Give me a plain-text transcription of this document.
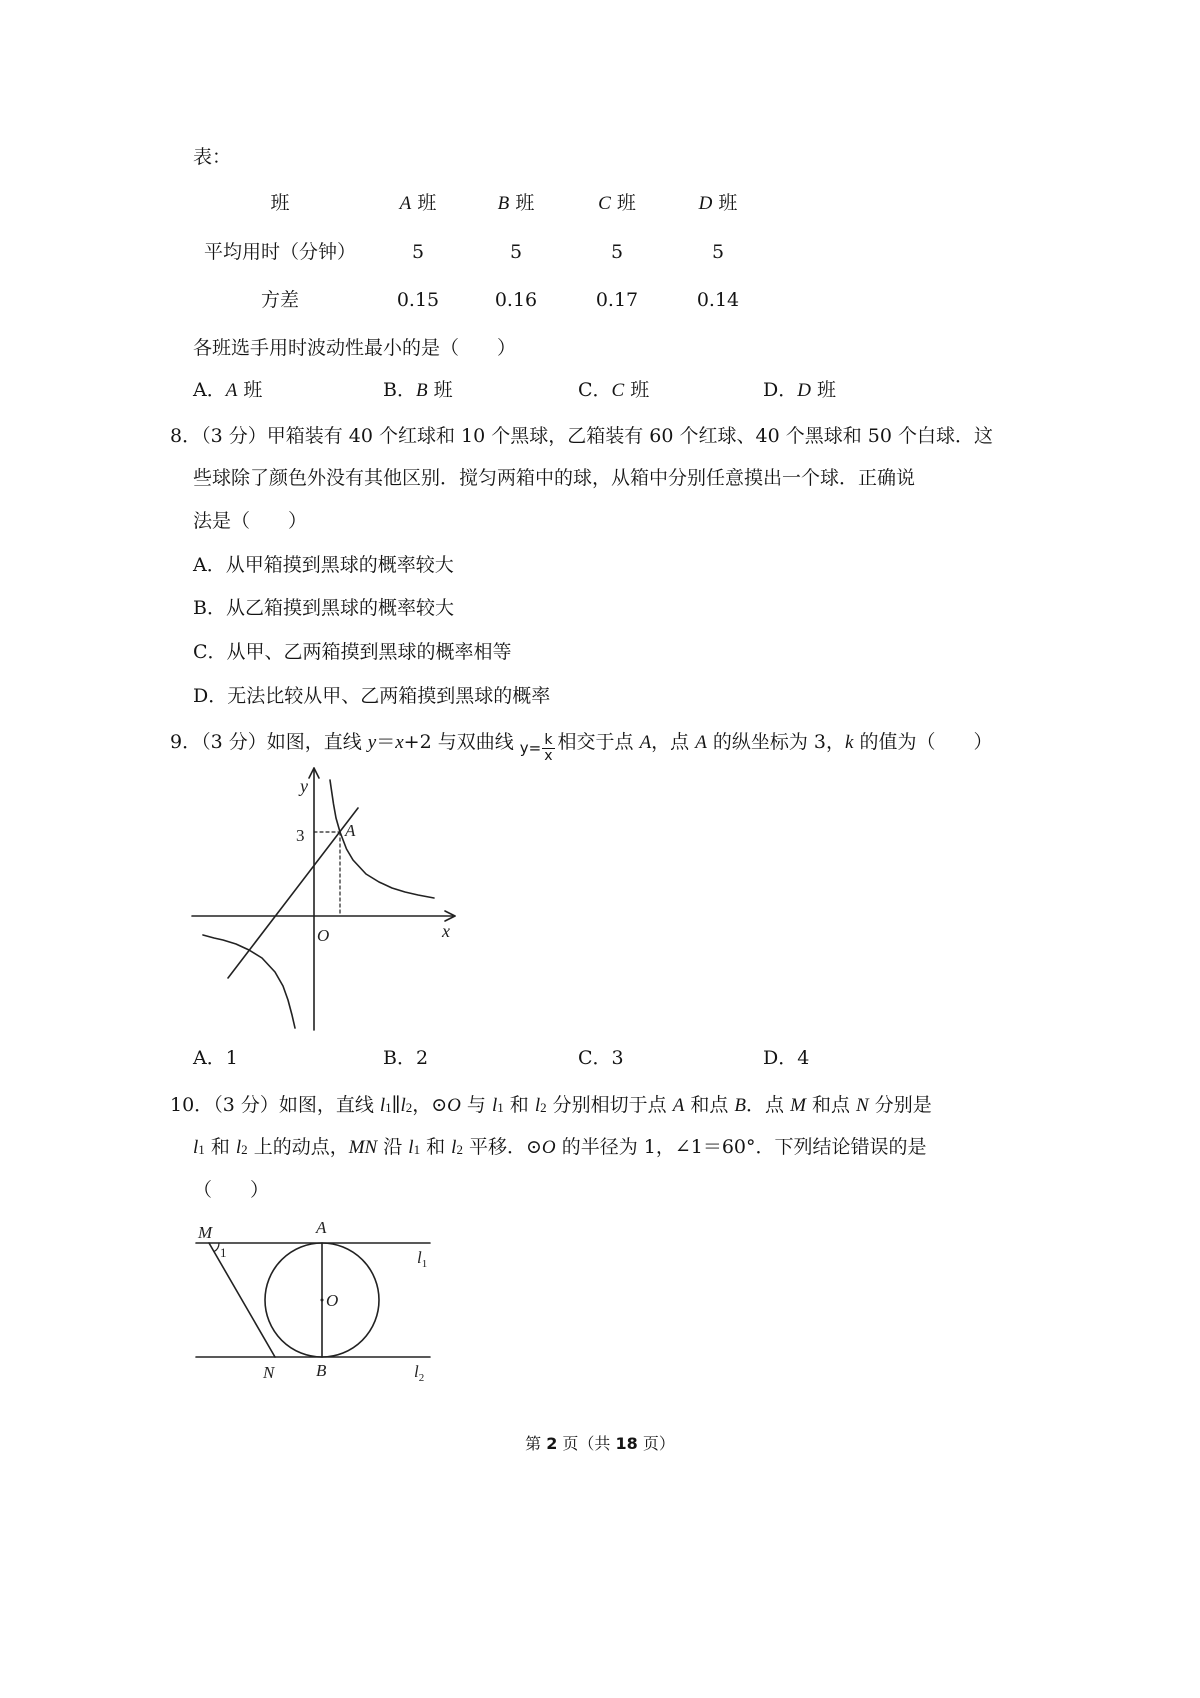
表：
班	A 班	B 班	C 班	D 班
平均用时（分钟）	5	5	5	5
方差	0.15	0.16	0.17	0.14
各班选手用时波动性最小的是（　　）
A．A 班	B．B 班	C．C 班	D．D 班
8．（3 分）甲箱装有 40 个红球和 10 个黑球，乙箱装有 60 个红球、40 个黑球和 50 个白球．这
些球除了颜色外没有其他区别．搅匀两箱中的球，从箱中分别任意摸出一个球．正确说
法是（　　）
A．从甲箱摸到黑球的概率较大
B．从乙箱摸到黑球的概率较大
C．从甲、乙两箱摸到黑球的概率相等
D．无法比较从甲、乙两箱摸到黑球的概率
9．（3 分）如图，直线 y＝x+2 与双曲线 $y= \frac{k}{x}$ 相交于点 A，点 A 的纵坐标为 3，k 的值为（　　）
y
3 A
O	x
A．1	B．2	C．3	D．4
10．（3 分）如图，直线 $l_1\parallel l_2$，⊙O 与 $l_1$ 和 $l_2$ 分别相切于点 A 和点 B．点 M 和点 N 分别是
$l_1$ 和 $l_2$ 上的动点，MN 沿 $l_1$ 和 $l_2$ 平移．⊙O 的半径为 1，∠1＝60°．下列结论错误的是
（　　）
M	A
1	$l_1$
O
N B	$l_2$
第 2 页（共 18 页）
